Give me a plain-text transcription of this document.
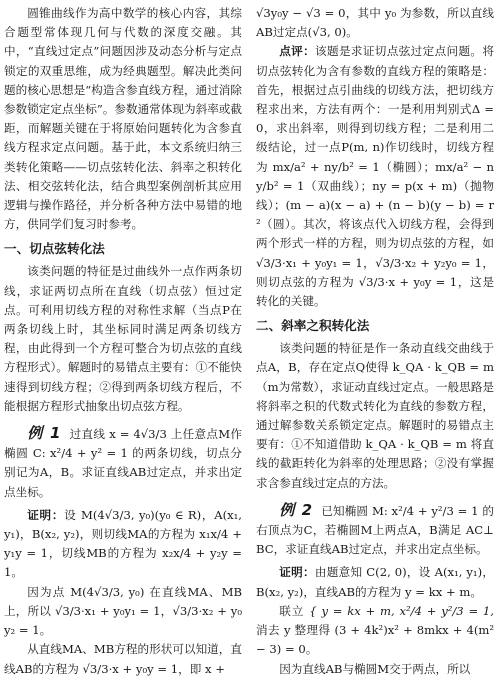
圆锥曲线作为高中数学的核心内容，其综合题型常体现几何与代数的深度交融。其中，“直线过定点”问题因涉及动态分析与定点锁定的双重思维，成为经典题型。解决此类问题的核心思想是“构造含参直线方程，通过消除参数锁定定点坐标”。参数通常体现为斜率或截距，而解题关键在于将原始问题转化为含参直线方程求定点问题。基于此，本文系统归纳三类转化策略——切点弦转化法、斜率之积转化法、相交弦转化法，结合典型案例剖析其应用逻辑与操作路径，并分析各种方法中易错的地方，供同学们复习时参考。

一、切点弦转化法

该类问题的特征是过曲线外一点作两条切线，求证两切点所在直线（切点弦）恒过定点。可利用切线方程的对称性求解（当点P在两条切线上时，其坐标同时满足两条切线方程，由此得到一个方程可整合为切点弦的直线方程形式）。解题时的易错点主要有：①不能快速得到切线方程；②得到两条切线方程后，不能根据方程形式抽象出切点弦方程。

例 1 过直线 x = 4√3/3 上任意点M作椭圆 C: x²/4 + y² = 1 的两条切线，切点分别记为A，B。求证直线AB过定点，并求出定点坐标。

证明：设 M(4√3/3, y₀)(y₀ ∈ R)，A(x₁, y₁)，B(x₂, y₂)，则切线MA的方程为 x₁x/4 + y₁y = 1，切线MB的方程为 x₂x/4 + y₂y = 1。

因为点 M(4√3/3, y₀) 在直线MA、MB上，所以 √3/3·x₁ + y₀y₁ = 1，√3/3·x₂ + y₀y₂ = 1。

从直线MA、MB方程的形状可以知道，直线AB的方程为 √3/3·x + y₀y = 1，即 x +

√3y₀y − √3 = 0，其中 y₀ 为参数，所以直线AB过定点(√3, 0)。

点评：该题是求证切点弦过定点问题。将切点弦转化为含有参数的直线方程的策略是：首先，根据过点引曲线的切线方法，把切线方程求出来，方法有两个：一是利用判别式Δ = 0，求出斜率，则得到切线方程；二是利用二级结论，过一点P(m, n)作切线时，切线方程为 mx/a² + ny/b² = 1（椭圆）；mx/a² − ny/b² = 1（双曲线）；ny = p(x + m)（抛物线）；(m − a)(x − a) + (n − b)(y − b) = r²（圆）。其次，将该点代入切线方程，会得到两个形式一样的方程，则为切点弦的方程，如 √3/3·x₁ + y₀y₁ = 1，√3/3·x₂ + y₂y₀ = 1，则切点弦的方程为 √3/3·x + y₀y = 1，这是转化的关键。

二、斜率之积转化法

该类问题的特征是作一条动直线交曲线于点A，B，存在定点Q使得 k_QA · k_QB = m（m为常数），求证动直线过定点。一般思路是将斜率之积的代数式转化为直线的参数方程，通过解参数关系锁定定点。解题时的易错点主要有：①不知道借助 k_QA · k_QB = m 将直线的截距转化为斜率的处理思路；②没有掌握求含参直线过定点的方法。

例 2 已知椭圆 M: x²/4 + y²/3 = 1 的右顶点为C，若椭圆M上两点A，B满足 AC⊥BC，求证直线AB过定点，并求出定点坐标。

证明：由题意知 C(2, 0)，设 A(x₁, y₁)，B(x₂, y₂)，直线AB的方程为 y = kx + m。

联立 { y = kx + m, x²/4 + y²/3 = 1, 消去 y 整理得 (3 + 4k²)x² + 8mkx + 4(m² − 3) = 0。

因为直线AB与椭圆M交于两点，所以
